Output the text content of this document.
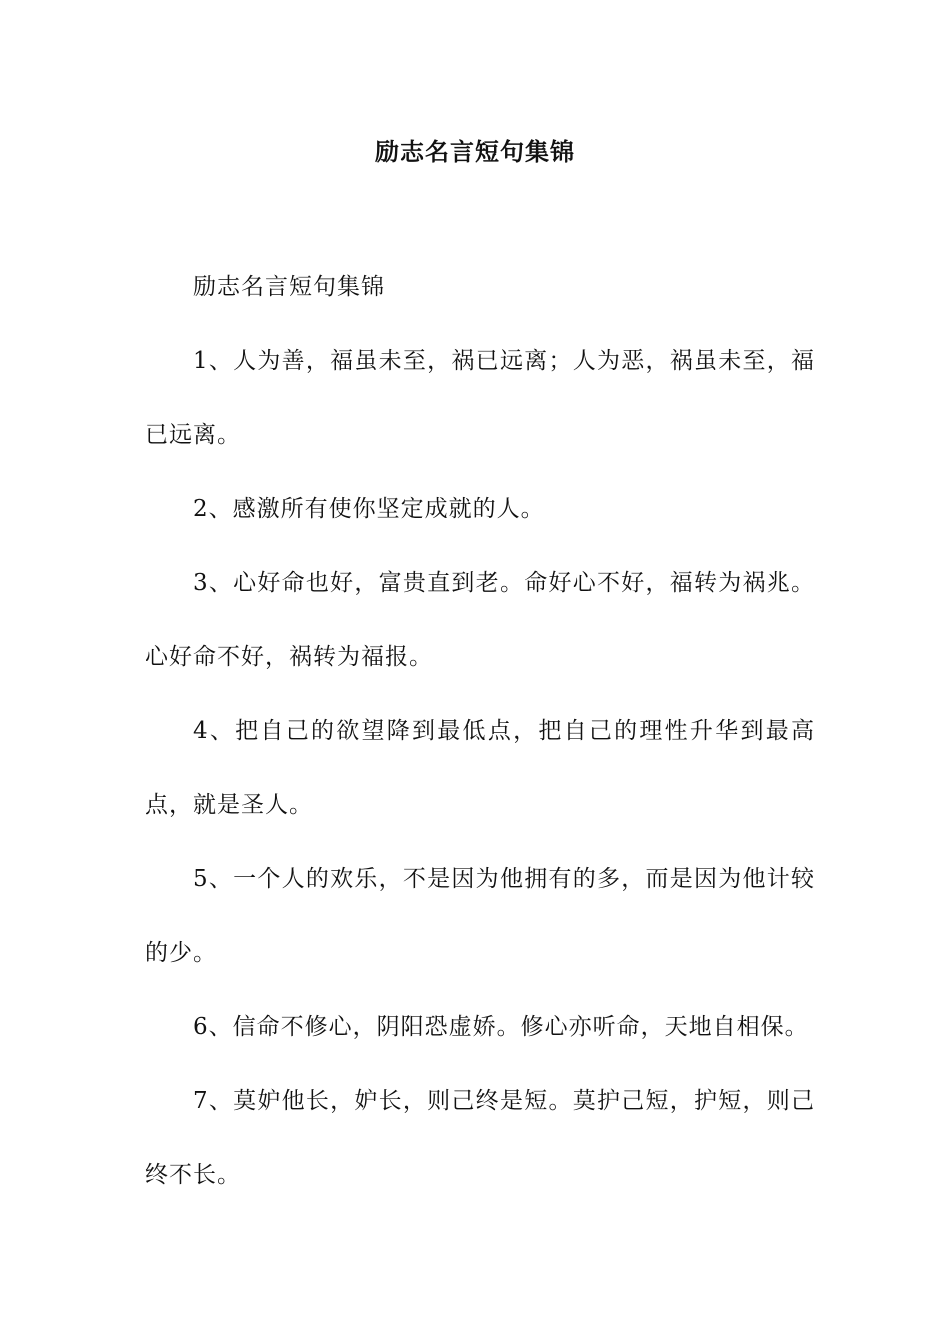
励志名言短句集锦

励志名言短句集锦

1、人为善，福虽未至，祸已远离；人为恶，祸虽未至，福已远离。

2、感激所有使你坚定成就的人。

3、心好命也好，富贵直到老。命好心不好，福转为祸兆。心好命不好，祸转为福报。

4、把自己的欲望降到最低点，把自己的理性升华到最高点，就是圣人。

5、一个人的欢乐，不是因为他拥有的多，而是因为他计较的少。

6、信命不修心，阴阳恐虚娇。修心亦听命，天地自相保。

7、莫妒他长，妒长，则己终是短。莫护己短，护短，则己终不长。
